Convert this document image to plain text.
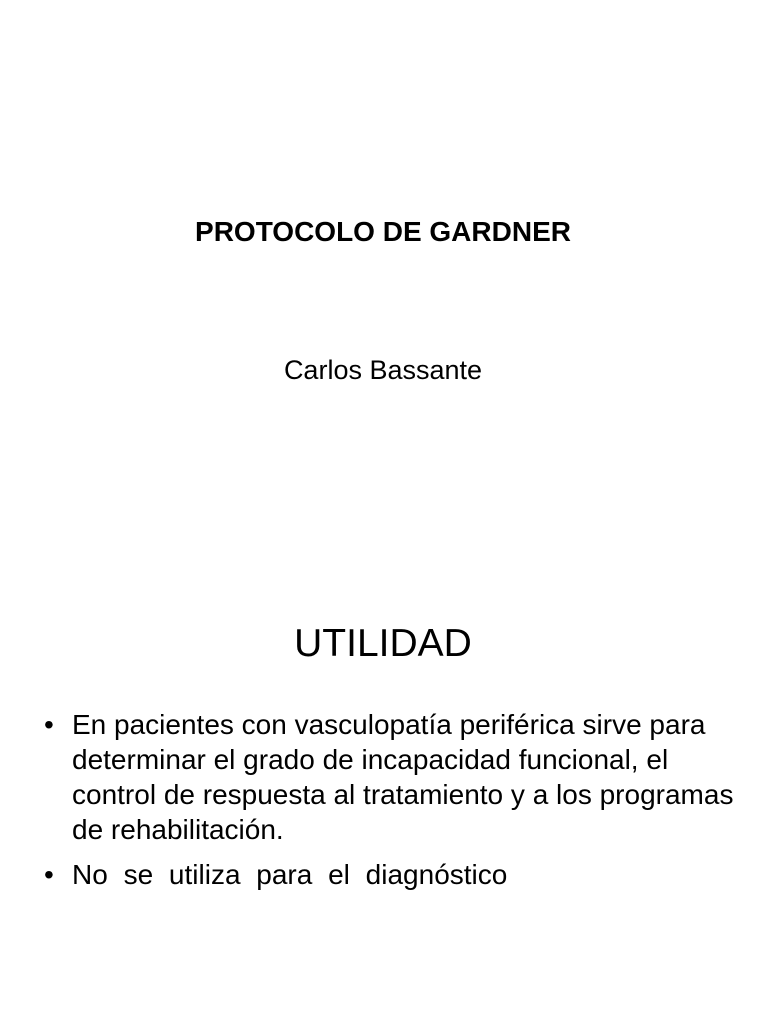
PROTOCOLO DE GARDNER

Carlos Bassante

UTILIDAD
• En pacientes con vasculopatía periférica sirve para determinar el grado de incapacidad funcional, el control de respuesta al tratamiento y a los programas de rehabilitación.
• No se utiliza para el diagnóstico
